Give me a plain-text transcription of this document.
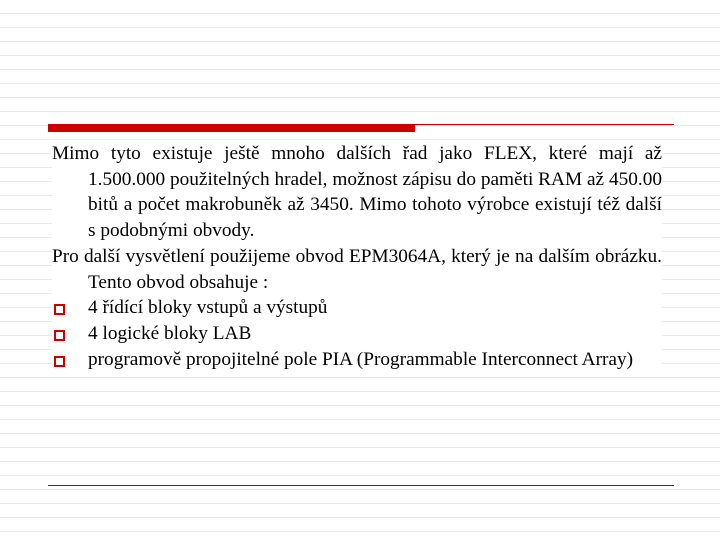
Mimo tyto existuje ještě mnoho dalších řad jako FLEX, které mají až 1.500.000 použitelných hradel, možnost zápisu do paměti RAM až 450.00 bitů a počet makrobuněk až 3450. Mimo tohoto výrobce existují též další s podobnými obvody.

Pro další vysvětlení použijeme obvod EPM3064A, který je na dalším obrázku. Tento obvod obsahuje :

4 řídící bloky vstupů a výstupů
4 logické bloky LAB
programově propojitelné pole PIA (Programmable Interconnect Array)
